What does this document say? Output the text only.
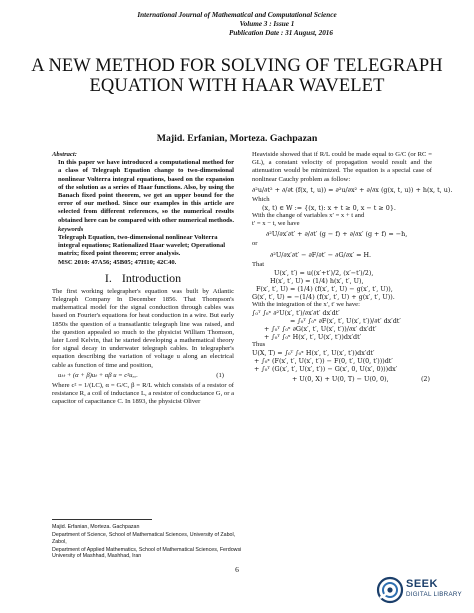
International Journal of Mathematical and Computational Science
Volume 3 : Issue 1
Publication Date : 31 August, 2016
A NEW METHOD FOR SOLVING OF TELEGRAPH EQUATION WITH HAAR WAVELET
Majid. Erfanian, Morteza. Gachpazan
Abstract:
In this paper we have introduced a computational method for a class of Telegraph Equation change to two-dimensional nonlinear Volterra integral equations, based on the expansion of the solution as a series of Haar functions. Also, by using the Banach fixed point theorem, we get an upper bound for the error of our method. Since our examples in this article are selected from different references, so the numerical results obtained here can be compared with other numerical methods.
keywords
Telegraph Equation, two-dimensional nonlinear Volterra integral equations; Rationalized Haar wavelet; Operational matrix; fixed point theorem; error analysis.
MSC 2010: 47A56; 45B05; 47H10; 42C40.
I. Introduction
The first working telegrapher's equation was built by Atlantic Telegraph Company In December 1856. That Thompson's mathematical model for the signal conduction through cables was based on Fourier's equations for heat conduction in a wire. But early 1850s the question of a transatlantic telegraph line was raised, and the question appealed so much to the physicist William Thomson, later Lord Kelvin, that he started developing a mathematical theory for signal decay in underwater telegraph cables. In telegrapher's equation describing the variation of voltage u along an electrical cable as function of time and position,
uₜₜ + (α + β)uₜ + αβ u = c²uₓₓ.	(1)
Where c² = 1/(LC), α = G/C, β = R/L which consists of a resistor of resistance R, a coil of inductance L, a resistor of conductance G, or a capacitor of capacitance C. In 1893, the physicist Oliver
Heaviside showed that if R/L could be made equal to G/C (or RC = GL), a constant velocity of propagation would result and the attenuation would be minimized. The equation is a special case of nonlinear Cauchy problem as follow:
∂²u/∂t² + ∂/∂t (f(x, t, u)) = ∂²u/∂x² + ∂/∂x (g(x, t, u)) + h(x, t, u).
Which
(x, t) ∈ W := {(x, t): x + t ≥ 0, x − t ≥ 0}.
With the change of variables x′ = x + t and
t′ = x − t, we have
∂²U/∂x′∂t′ + ∂/∂t′ (g − f) + ∂/∂x′ (g + f) = −h,
or
∂²U/∂x′∂t′ − ∂F/∂t′ − ∂G/∂x′ = H.
That
U(x′, t′) = u((x′+t′)/2, (x′−t′)/2),
H(x′, t′, U) = (1/4) h(x′, t′, U),
F(x′, t′, U) = (1/4) (f(x′, t′, U) − g(x′, t′, U)),
G(x′, t′, U) = −(1/4) (f(x′, t′, U) + g(x′, t′, U)).
With the integration of the x′, t′ we have:
∫₀ᵀ ∫₀ˣ ∂²U(x′, t′)/∂x′∂t′ dx′dt′
= ∫₀ᵀ ∫₀ˣ ∂F(x′, t′, U(x′, t′))/∂t′ dx′dt′
+ ∫₀ᵀ ∫₀ˣ ∂G(x′, t′, U(x′, t′))/∂x′ dx′dt′
+ ∫₀ᵀ ∫₀ˣ H(x′, t′, U(x′, t′))dx′dt′
Thus
U(X, T) = ∫₀ᵀ ∫₀ˣ H(x′, t′, U(x′, t′))dx′dt′
+ ∫₀ˣ (F(x′, t′, U(x′, t′)) − F(0, t′, U(0, t′)))dt′
+ ∫₀ᵀ (G(x′, t′, U(x′, t′)) − G(x′, 0, U(x′, 0)))dx′
+ U(0, X) + U(0, T) − U(0, 0),	(2)

Majid. Erfanian, Morteza. Gachpazan

Department of Science, School of Mathematical Sciences, University of Zabol, Zabol,

Department of Applied Mathematics, School of Mathematical Sciences, Ferdowsi University of Mashhad, Mashhad, Iran

6
SEEK
DIGITAL LIBRARY
